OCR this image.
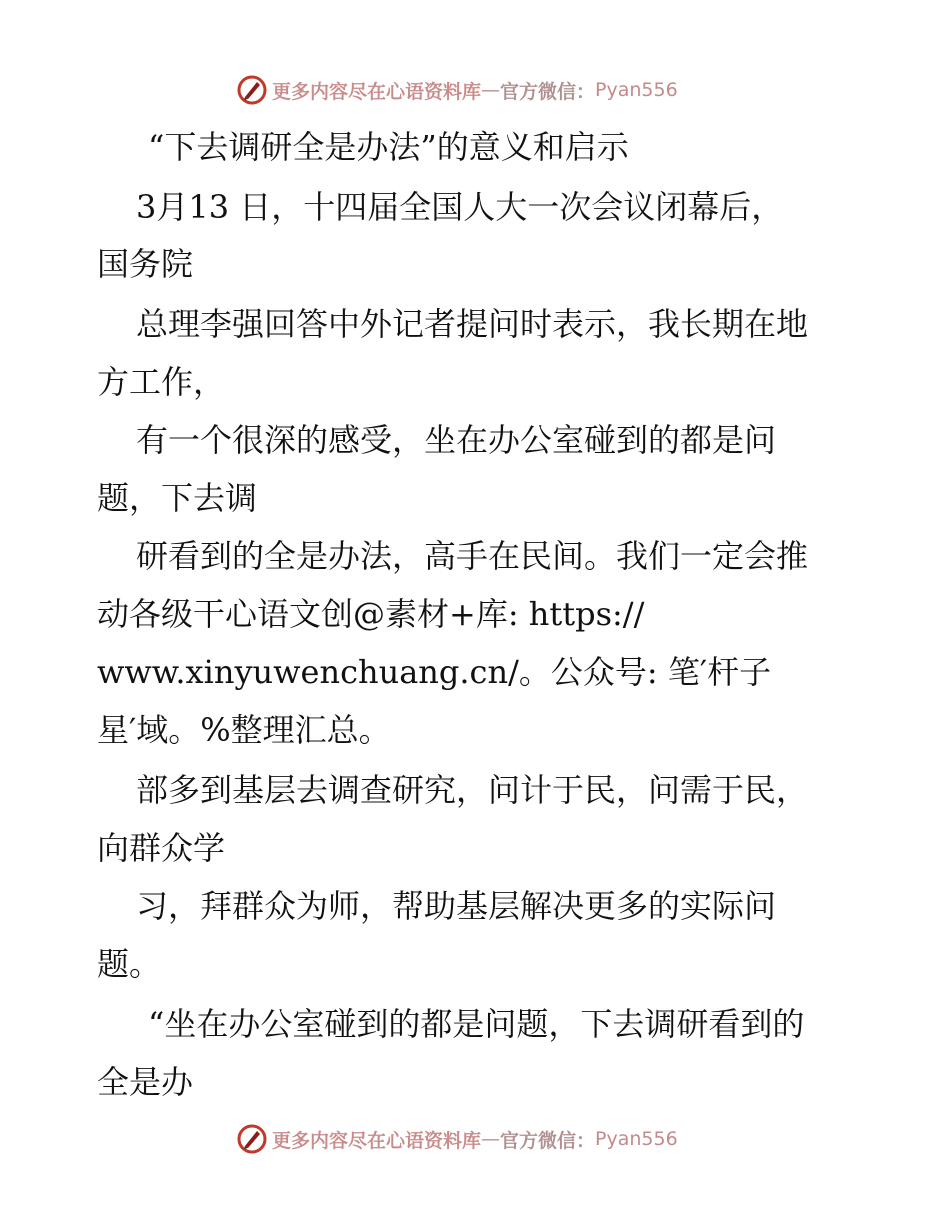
更多内容尽在心语资料库 — 官方微信： Pyan556
“下去调研全是办法”的意义和启示
3月13 日，十四届全国人大一次会议闭幕后，
国务院
总理李强回答中外记者提问时表示，我长期在地
方工作，
有一个很深的感受，坐在办公室碰到的都是问
题，下去调
研看到的全是办法，高手在民间。我们一定会推
动各级干心语文创@素材+库: https://
www.xinyuwenchuang.cn/。公众号: 笔′杆子
星′域。%整理汇总。
部多到基层去调查研究，问计于民，问需于民，
向群众学
习，拜群众为师，帮助基层解决更多的实际问
题。
“坐在办公室碰到的都是问题，下去调研看到的
全是办
更多内容尽在心语资料库 — 官方微信： Pyan556
